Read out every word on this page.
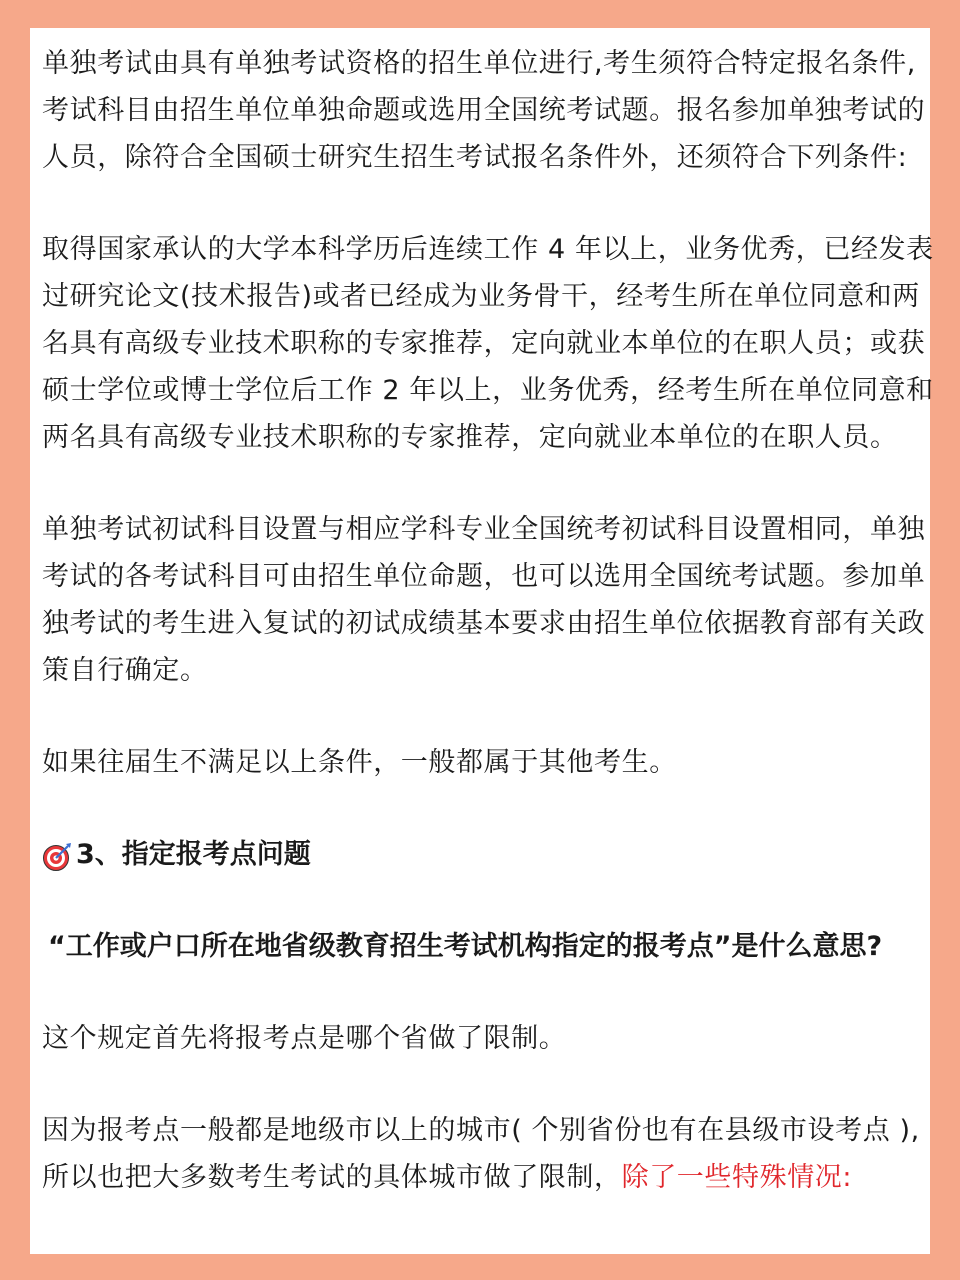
单独考试由具有单独考试资格的招生单位进行,考生须符合特定报名条件,
考试科目由招生单位单独命题或选用全国统考试题。报名参加单独考试的
人员，除符合全国硕士研究生招生考试报名条件外，还须符合下列条件:

取得国家承认的大学本科学历后连续工作 4 年以上，业务优秀，已经发表
过研究论文(技术报告)或者已经成为业务骨干，经考生所在单位同意和两
名具有高级专业技术职称的专家推荐，定向就业本单位的在职人员；或获
硕士学位或博士学位后工作 2 年以上，业务优秀，经考生所在单位同意和
两名具有高级专业技术职称的专家推荐，定向就业本单位的在职人员。

单独考试初试科目设置与相应学科专业全国统考初试科目设置相同，单独
考试的各考试科目可由招生单位命题，也可以选用全国统考试题。参加单
独考试的考生进入复试的初试成绩基本要求由招生单位依据教育部有关政
策自行确定。

如果往届生不满足以上条件，一般都属于其他考生。

3、指定报考点问题
“工作或户口所在地省级教育招生考试机构指定的报考点”是什么意思?

这个规定首先将报考点是哪个省做了限制。

因为报考点一般都是地级市以上的城市( 个别省份也有在县级市设考点 ),
所以也把大多数考生考试的具体城市做了限制，除了一些特殊情况:
